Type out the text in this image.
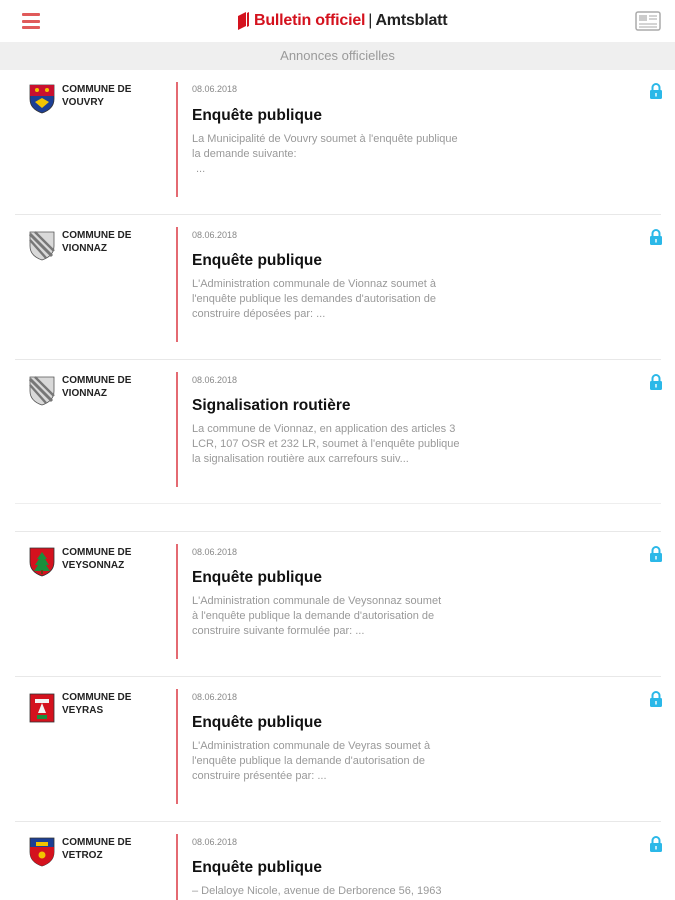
Bulletin officiel | Amtsblatt
Annonces officielles
COMMUNE DE
VOUVRY
08.06.2018
Enquête publique
La Municipalité de Vouvry soumet à l'enquête publique
la demande suivante:
...
COMMUNE DE
VIONNAZ
08.06.2018
Enquête publique
L'Administration communale de Vionnaz soumet à
l'enquête publique les demandes d'autorisation de
construire déposées par: ...
COMMUNE DE
VIONNAZ
08.06.2018
Signalisation routière
La commune de Vionnaz, en application des articles 3
LCR, 107 OSR et 232 LR, soumet à l'enquête publique
la signalisation routière aux carrefours suiv...
COMMUNE DE
VEYSONNAZ
08.06.2018
Enquête publique
L'Administration communale de Veysonnaz soumet
à l'enquête publique la demande d'autorisation de
construire suivante formulée par: ...
COMMUNE DE
VEYRAS
08.06.2018
Enquête publique
L'Administration communale de Veyras soumet à
l'enquête publique la demande d'autorisation de
construire présentée par: ...
COMMUNE DE
VETROZ
08.06.2018
Enquête publique
– Delaloye Nicole, avenue de Derborence 56, 1963
